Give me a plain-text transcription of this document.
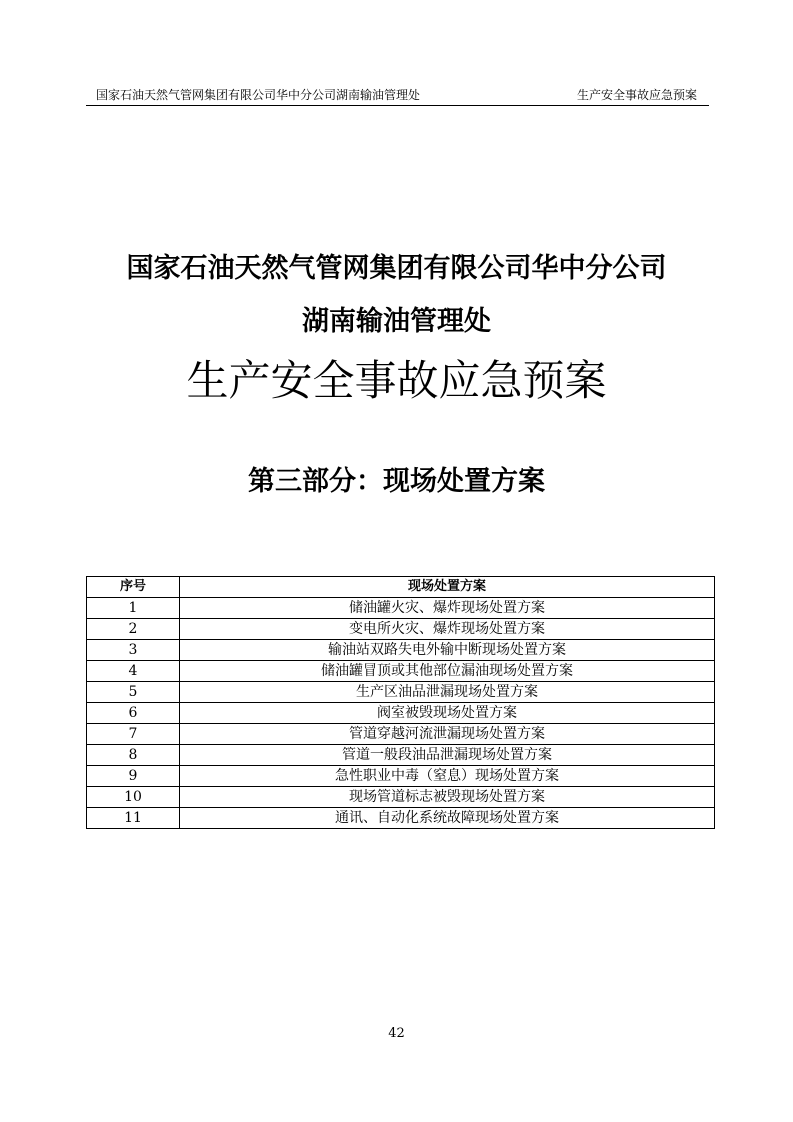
国家石油天然气管网集团有限公司华中分公司湖南输油管理处	生产安全事故应急预案
国家石油天然气管网集团有限公司华中分公司
湖南输油管理处
生产安全事故应急预案
第三部分：现场处置方案
序号	现场处置方案
1	储油罐火灾、爆炸现场处置方案
2	变电所火灾、爆炸现场处置方案
3	输油站双路失电外输中断现场处置方案
4	储油罐冒顶或其他部位漏油现场处置方案
5	生产区油品泄漏现场处置方案
6	阀室被毁现场处置方案
7	管道穿越河流泄漏现场处置方案
8	管道一般段油品泄漏现场处置方案
9	急性职业中毒（窒息）现场处置方案
10	现场管道标志被毁现场处置方案
11	通讯、自动化系统故障现场处置方案
42
